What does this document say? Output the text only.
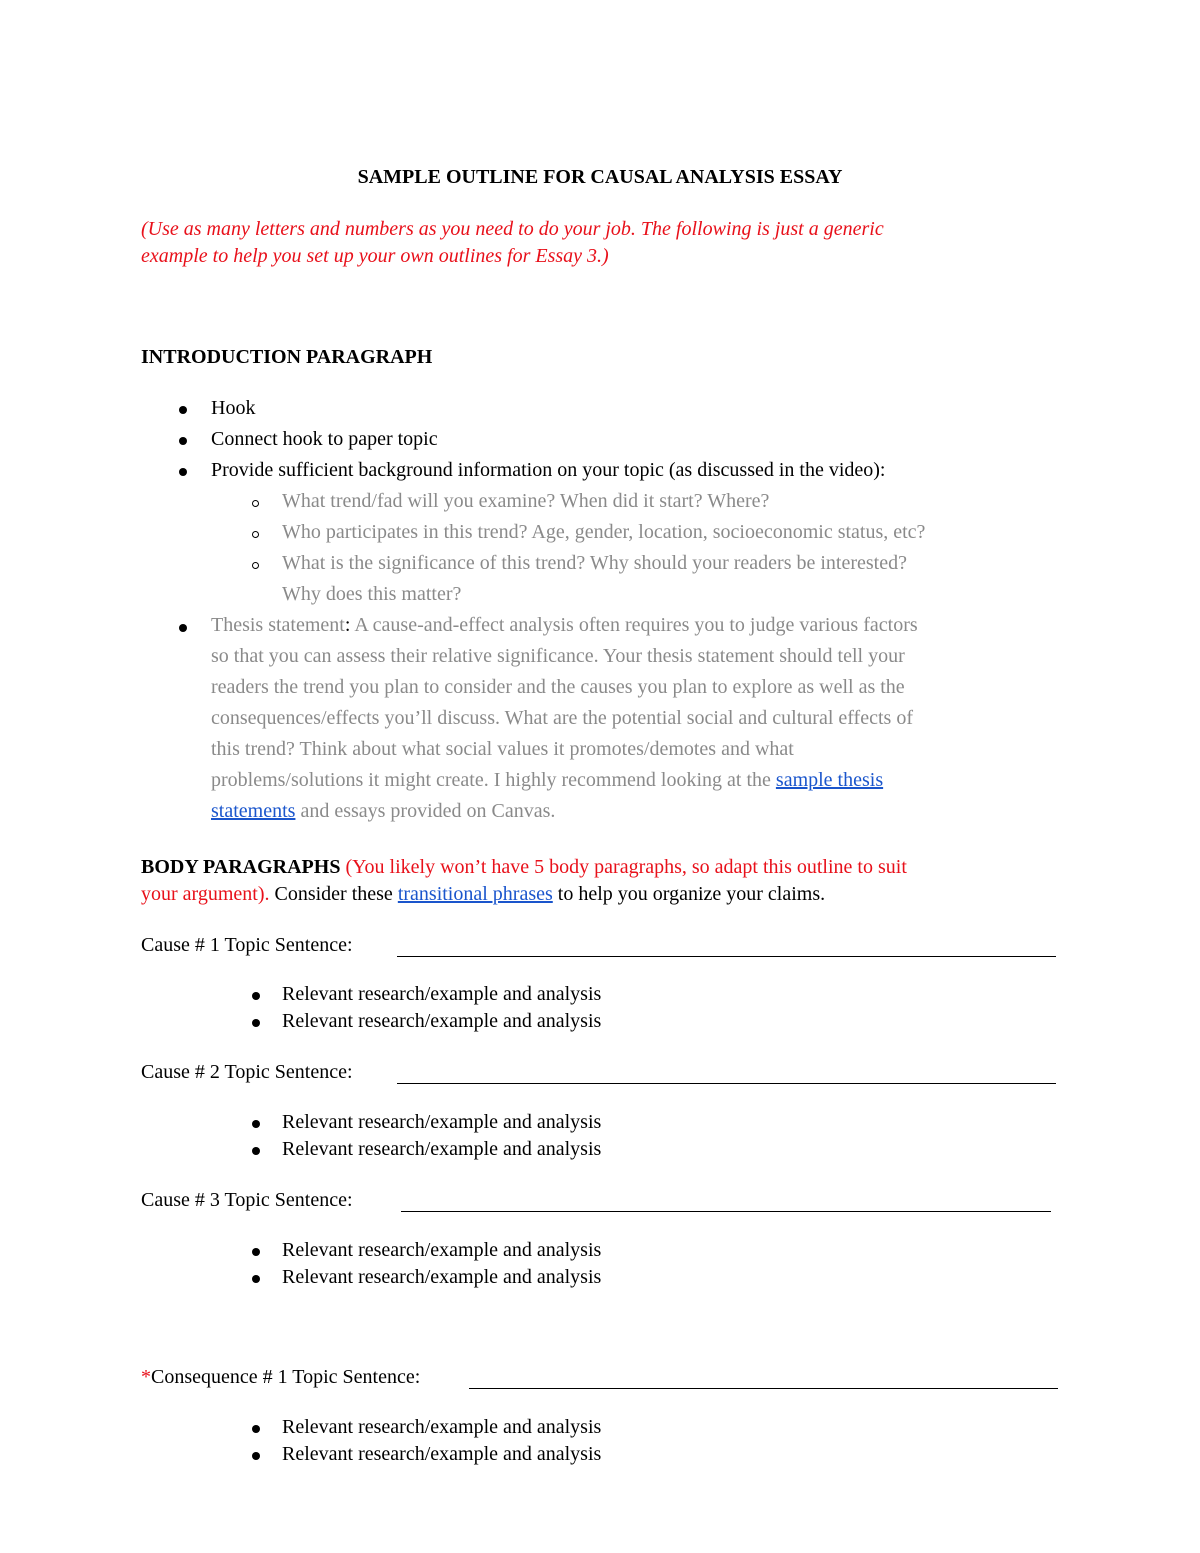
SAMPLE OUTLINE FOR CAUSAL ANALYSIS ESSAY
(Use as many letters and numbers as you need to do your job. The following is just a generic
example to help you set up your own outlines for Essay 3.)
INTRODUCTION PARAGRAPH
Hook
Connect hook to paper topic
Provide sufficient background information on your topic (as discussed in the video):
What trend/fad will you examine? When did it start? Where?
Who participates in this trend? Age, gender, location, socioeconomic status, etc?
What is the significance of this trend? Why should your readers be interested?
Why does this matter?
Thesis statement: A cause-and-effect analysis often requires you to judge various factors
so that you can assess their relative significance. Your thesis statement should tell your
readers the trend you plan to consider and the causes you plan to explore as well as the
consequences/effects you’ll discuss. What are the potential social and cultural effects of
this trend? Think about what social values it promotes/demotes and what
problems/solutions it might create. I highly recommend looking at the sample thesis
statements and essays provided on Canvas.
BODY PARAGRAPHS (You likely won’t have 5 body paragraphs, so adapt this outline to suit
your argument). Consider these transitional phrases to help you organize your claims.
Cause # 1 Topic Sentence:
Relevant research/example and analysis
Relevant research/example and analysis
Cause # 2 Topic Sentence:
Relevant research/example and analysis
Relevant research/example and analysis
Cause # 3 Topic Sentence:
Relevant research/example and analysis
Relevant research/example and analysis
*Consequence # 1 Topic Sentence:
Relevant research/example and analysis
Relevant research/example and analysis
